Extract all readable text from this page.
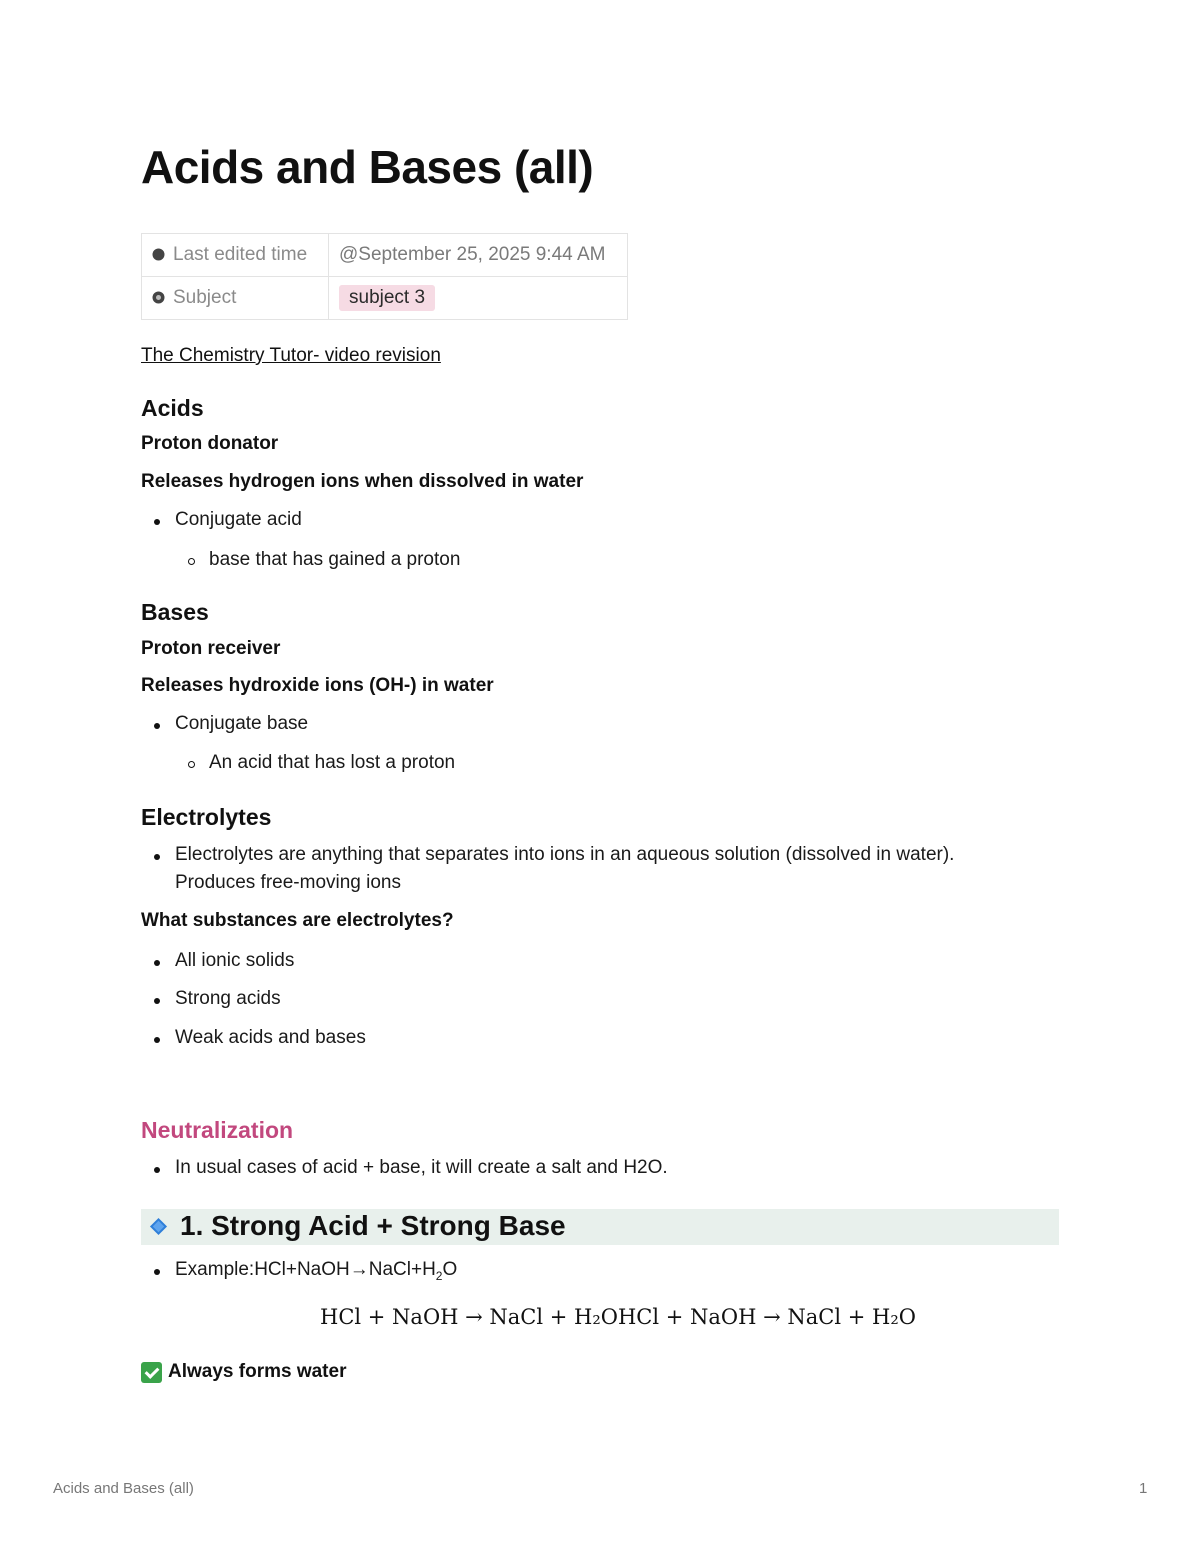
Acids and Bases (all)
Last edited time	@September 25, 2025 9:44 AM
Subject	subject 3
The Chemistry Tutor- video revision
Acids
Proton donator
Releases hydrogen ions when dissolved in water
Conjugate acid
base that has gained a proton
Bases
Proton receiver
Releases hydroxide ions (OH-) in water
Conjugate base
An acid that has lost a proton
Electrolytes
Electrolytes are anything that separates into ions in an aqueous solution (dissolved in water).
Produces free-moving ions
What substances are electrolytes?
All ionic solids
Strong acids
Weak acids and bases
Neutralization
In usual cases of acid + base, it will create a salt and H2O.
1. Strong Acid + Strong Base
$Example:HCl+NaOH\to NaCl+H_2O$
HCl + NaOH → NaCl + H₂OHCl + NaOH → NaCl + H₂O
Always forms water
Acids and Bases (all)	1
